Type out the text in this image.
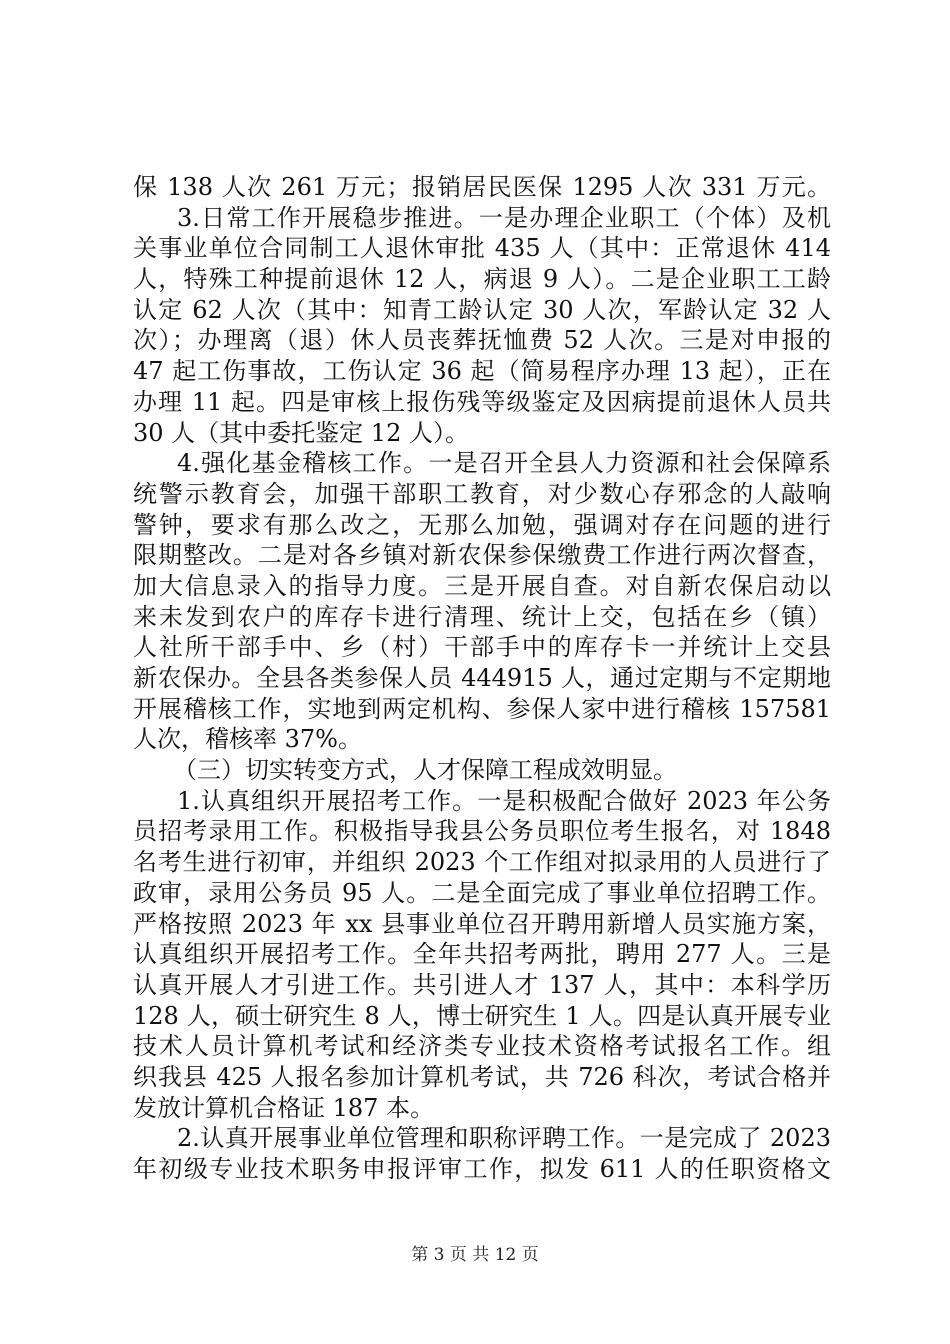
保 138 人次 261 万元；报销居民医保 1295 人次 331 万元。
3.日常工作开展稳步推进。一是办理企业职工（个体）及机
关事业单位合同制工人退休审批 435 人（其中：正常退休 414
人，特殊工种提前退休 12 人，病退 9 人）。二是企业职工工龄
认定 62 人次（其中：知青工龄认定 30 人次，军龄认定 32 人
次）；办理离（退）休人员丧葬抚恤费 52 人次。三是对申报的
47 起工伤事故，工伤认定 36 起（简易程序办理 13 起），正在
办理 11 起。四是审核上报伤残等级鉴定及因病提前退休人员共
30 人（其中委托鉴定 12 人）。
4.强化基金稽核工作。一是召开全县人力资源和社会保障系
统警示教育会，加强干部职工教育，对少数心存邪念的人敲响
警钟，要求有那么改之，无那么加勉，强调对存在问题的进行
限期整改。二是对各乡镇对新农保参保缴费工作进行两次督查，
加大信息录入的指导力度。三是开展自查。对自新农保启动以
来未发到农户的库存卡进行清理、统计上交，包括在乡（镇）
人社所干部手中、乡（村）干部手中的库存卡一并统计上交县
新农保办。全县各类参保人员 444915 人，通过定期与不定期地
开展稽核工作，实地到两定机构、参保人家中进行稽核 157581
人次，稽核率 37%。
（三）切实转变方式，人才保障工程成效明显。
1.认真组织开展招考工作。一是积极配合做好 2023 年公务
员招考录用工作。积极指导我县公务员职位考生报名，对 1848
名考生进行初审，并组织 2023 个工作组对拟录用的人员进行了
政审，录用公务员 95 人。二是全面完成了事业单位招聘工作。
严格按照 2023 年 xx 县事业单位召开聘用新增人员实施方案，
认真组织开展招考工作。全年共招考两批，聘用 277 人。三是
认真开展人才引进工作。共引进人才 137 人，其中：本科学历
128 人，硕士研究生 8 人，博士研究生 1 人。四是认真开展专业
技术人员计算机考试和经济类专业技术资格考试报名工作。组
织我县 425 人报名参加计算机考试，共 726 科次，考试合格并
发放计算机合格证 187 本。
2.认真开展事业单位管理和职称评聘工作。一是完成了 2023
年初级专业技术职务申报评审工作，拟发 611 人的任职资格文
第 3 页 共 12 页
